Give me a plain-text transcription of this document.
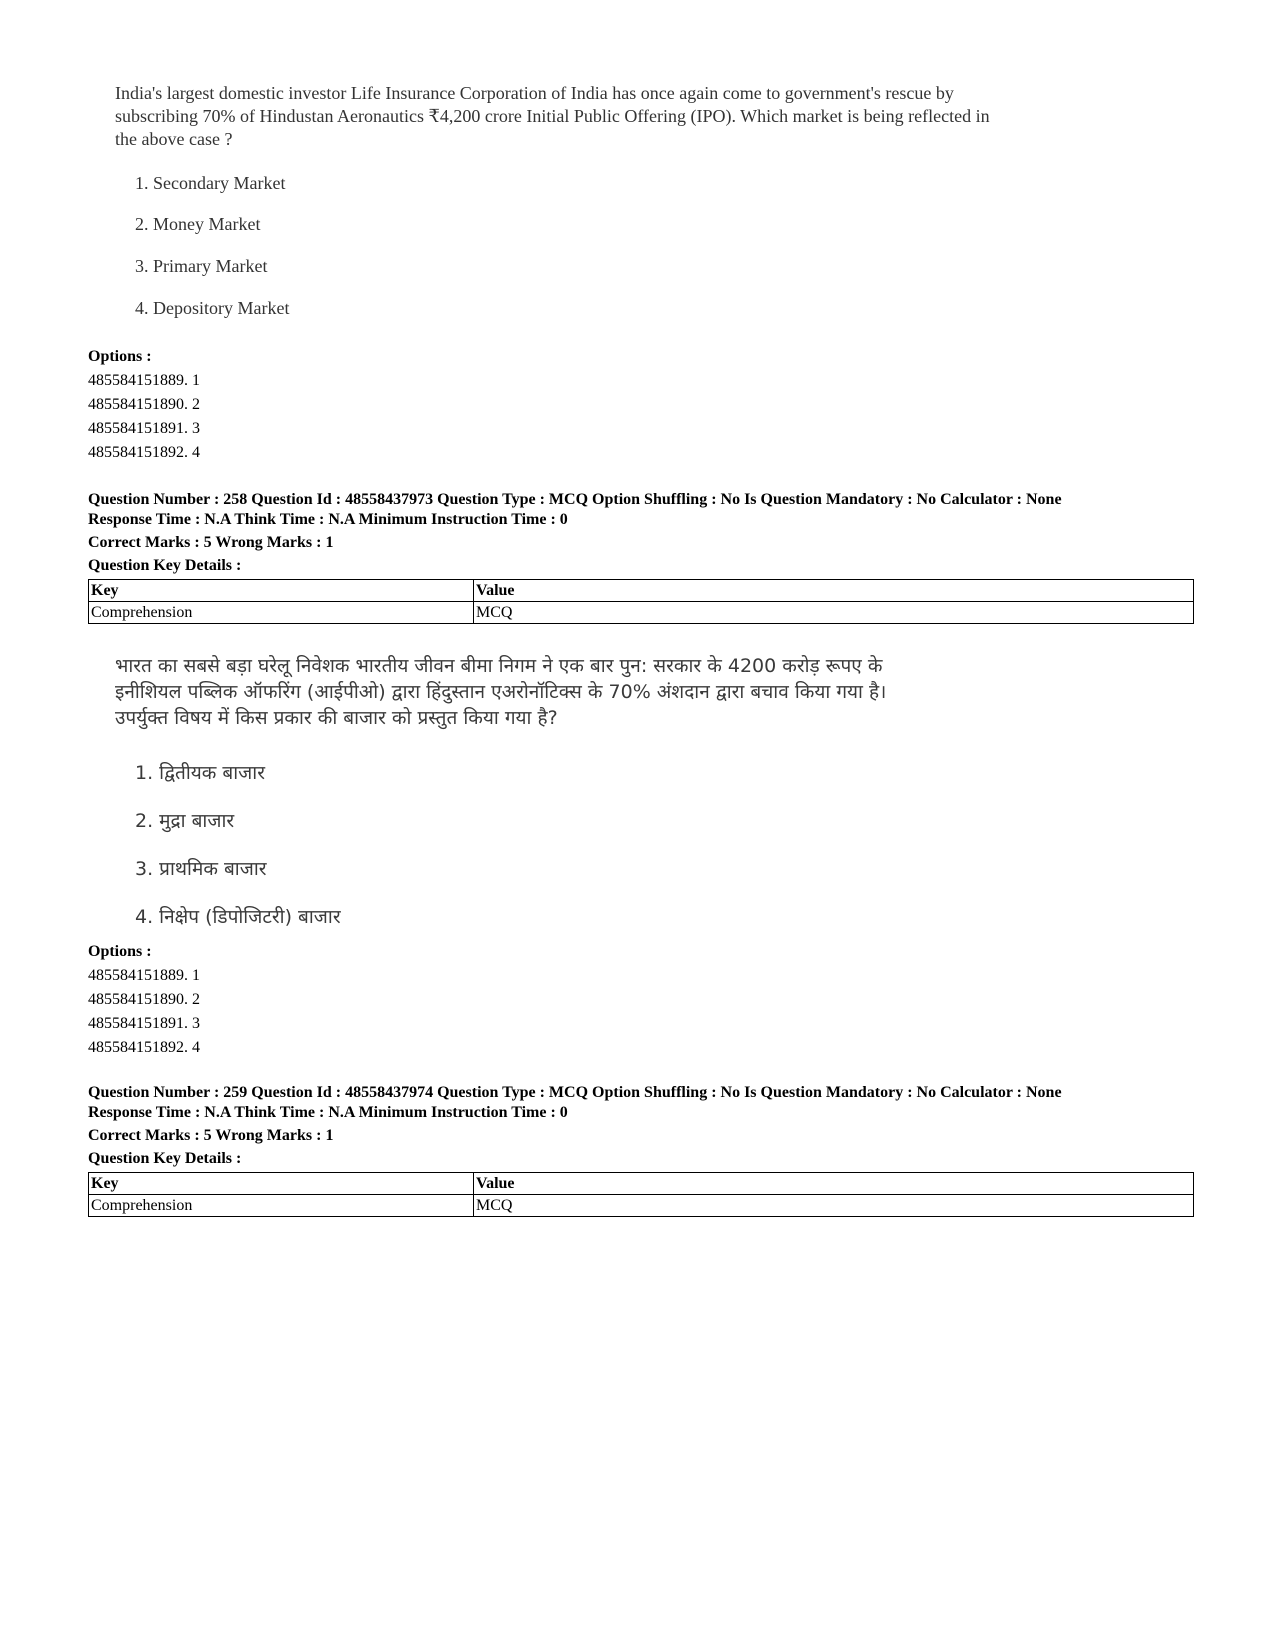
India's largest domestic investor Life Insurance Corporation of India has once again come to government's rescue by subscribing 70% of Hindustan Aeronautics ₹4,200 crore Initial Public Offering (IPO). Which market is being reflected in the above case ?
1. Secondary Market
2. Money Market
3. Primary Market
4. Depository Market
Options :
485584151889. 1
485584151890. 2
485584151891. 3
485584151892. 4
Question Number : 258 Question Id : 48558437973 Question Type : MCQ Option Shuffling : No Is Question Mandatory : No Calculator : None
Response Time : N.A Think Time : N.A Minimum Instruction Time : 0
Correct Marks : 5 Wrong Marks : 1
Question Key Details :
Key	Value
Comprehension	MCQ
भारत का सबसे बड़ा घरेलू निवेशक भारतीय जीवन बीमा निगम ने एक बार पुन: सरकार के 4200 करोड़ रूपए के इनीशियल पब्लिक ऑफरिंग (आईपीओ) द्वारा हिंदुस्तान एअरोनॉटिक्स के 70% अंशदान द्वारा बचाव किया गया है। उपर्युक्त विषय में किस प्रकार की बाजार को प्रस्तुत किया गया है?
1. द्वितीयक बाजार
2. मुद्रा बाजार
3. प्राथमिक बाजार
4. निक्षेप (डिपोजिटरी) बाजार
Options :
485584151889. 1
485584151890. 2
485584151891. 3
485584151892. 4
Question Number : 259 Question Id : 48558437974 Question Type : MCQ Option Shuffling : No Is Question Mandatory : No Calculator : None
Response Time : N.A Think Time : N.A Minimum Instruction Time : 0
Correct Marks : 5 Wrong Marks : 1
Question Key Details :
Key	Value
Comprehension	MCQ
